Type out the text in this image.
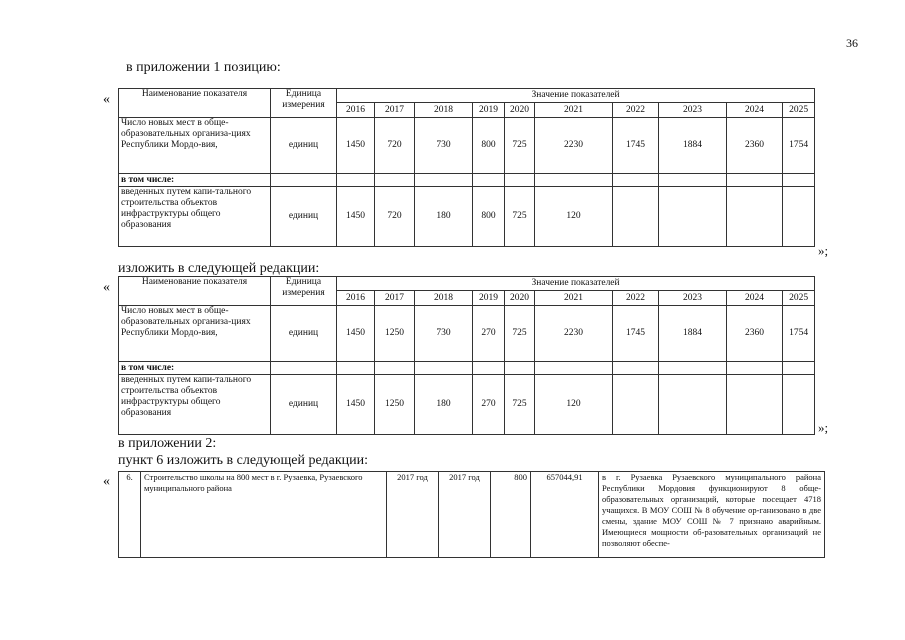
36
в приложении 1 позицию:
«	Наименование показателя	Единица измерения	Значение показателей									
		2016	2017	2018	2019	2020	2021	2022	2023	2024	2025
Число новых мест в обще-образовательных организа-циях Республики Мордо-вия,	единиц	1450	720	730	800	725	2230	1745	1884	2360	1754
в том числе:											
введенных путем капи-тального строительства объектов инфраструктуры общего образования	единиц	1450	720	180	800	725	120				
»;
изложить в следующей редакции:
«	Наименование показателя	Единица измерения	Значение показателей									
		2016	2017	2018	2019	2020	2021	2022	2023	2024	2025
Число новых мест в обще-образовательных организа-циях Республики Мордо-вия,	единиц	1450	1250	730	270	725	2230	1745	1884	2360	1754
в том числе:											
введенных путем капи-тального строительства объектов инфраструктуры общего образования	единиц	1450	1250	180	270	725	120				
»;
в приложении 2:
пункт 6 изложить в следующей редакции:
« 6.	Строительство школы на 800 мест в г. Рузаевка, Рузаевского муниципального района	2017 год	2017 год	800	657044,91	в г. Рузаевка Рузаевского муниципального района Республики Мордовия функционируют 8 обще-образовательных организаций, которые посещает 4718 учащихся. В МОУ СОШ № 8 обучение ор-ганизовано в две смены, здание МОУ СОШ № 7 признано аварийным. Имеющиеся мощности об-разовательных организаций не позволяют обеспе-
